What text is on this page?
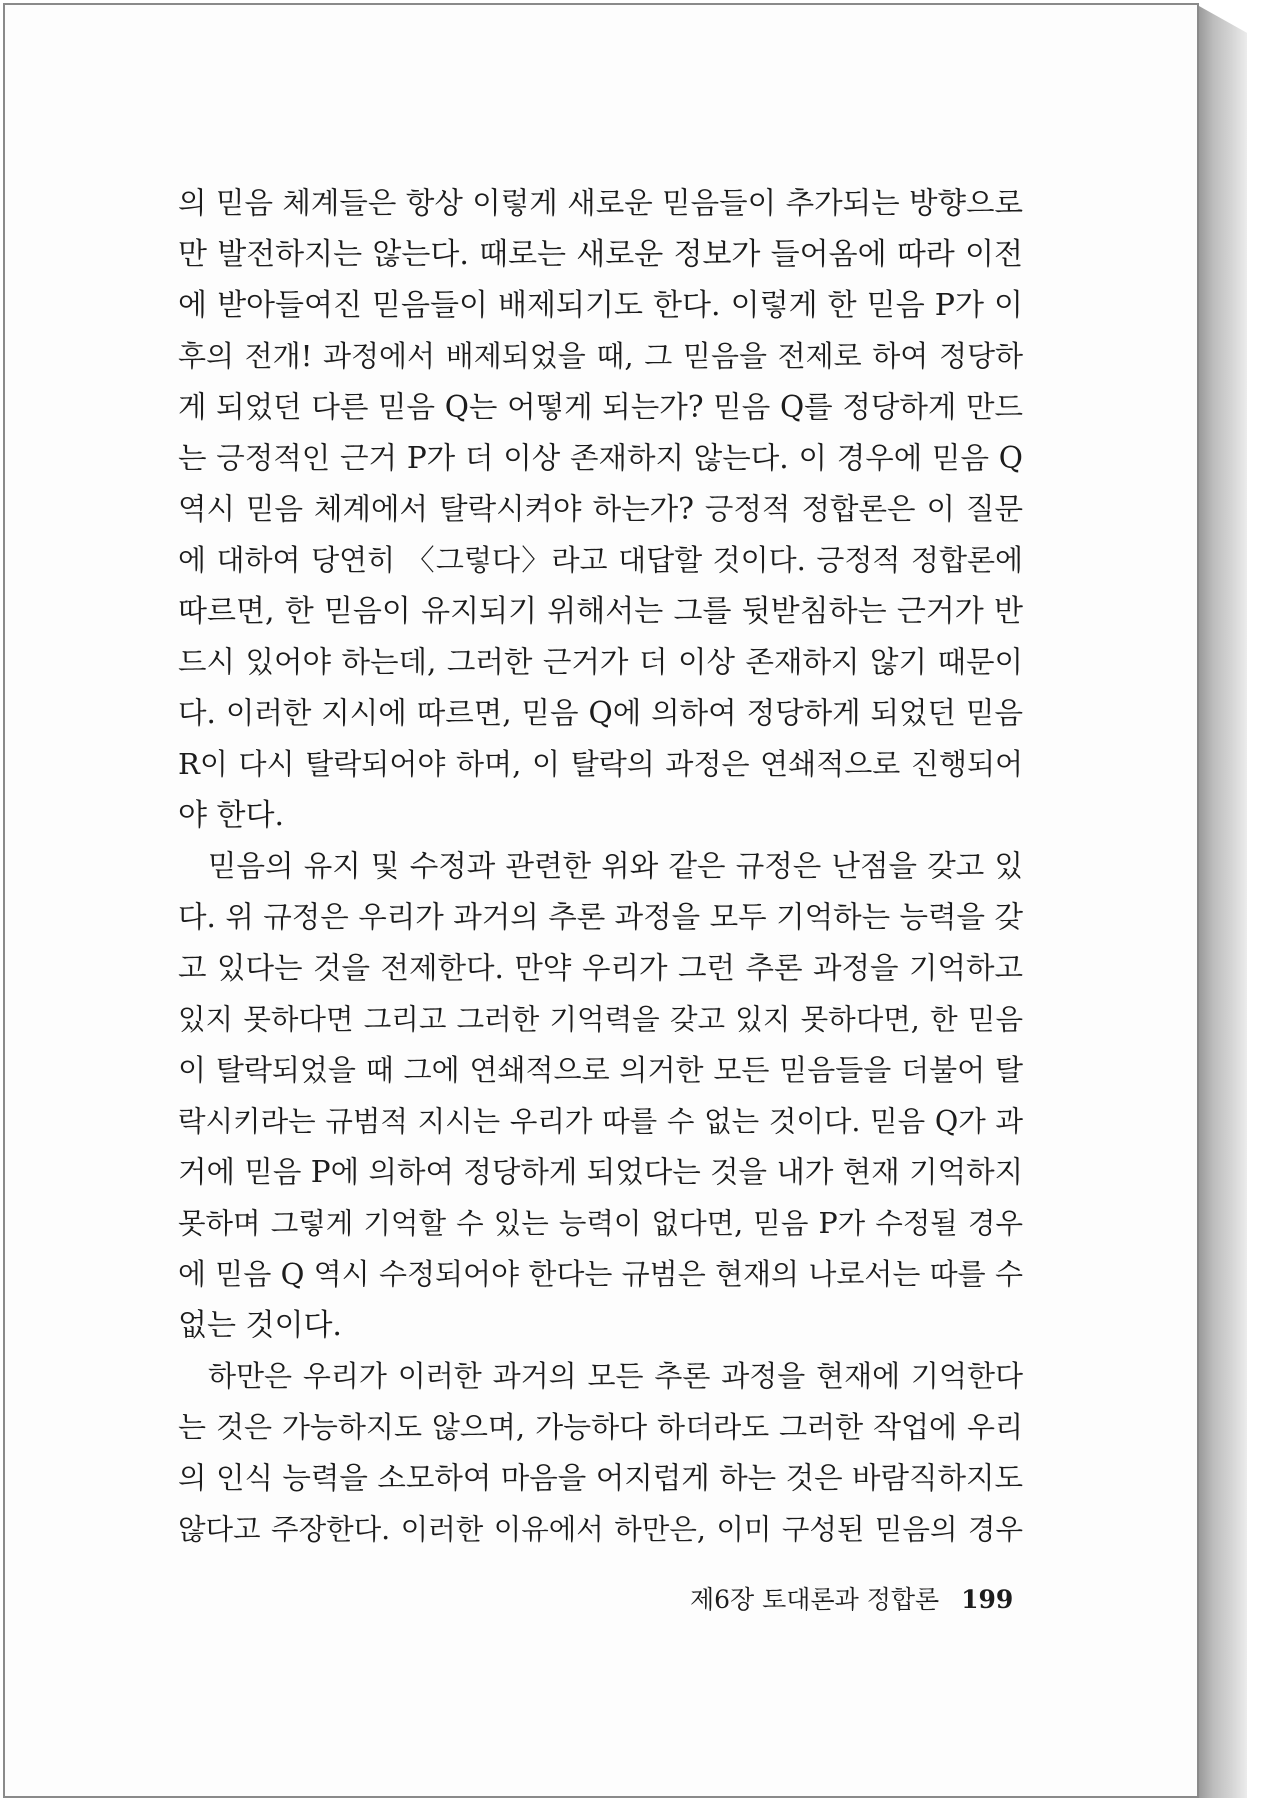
의 믿음 체계들은 항상 이렇게 새로운 믿음들이 추가되는 방향으로
만 발전하지는 않는다. 때로는 새로운 정보가 들어옴에 따라 이전
에 받아들여진 믿음들이 배제되기도 한다. 이렇게 한 믿음 P가 이
후의 전개! 과정에서 배제되었을 때, 그 믿음을 전제로 하여 정당하
게 되었던 다른 믿음 Q는 어떻게 되는가? 믿음 Q를 정당하게 만드
는 긍정적인 근거 P가 더 이상 존재하지 않는다. 이 경우에 믿음 Q
역시 믿음 체계에서 탈락시켜야 하는가? 긍정적 정합론은 이 질문
에 대하여 당연히 〈그렇다〉라고 대답할 것이다. 긍정적 정합론에
따르면, 한 믿음이 유지되기 위해서는 그를 뒷받침하는 근거가 반
드시 있어야 하는데, 그러한 근거가 더 이상 존재하지 않기 때문이
다. 이러한 지시에 따르면, 믿음 Q에 의하여 정당하게 되었던 믿음
R이 다시 탈락되어야 하며, 이 탈락의 과정은 연쇄적으로 진행되어
야 한다.
믿음의 유지 및 수정과 관련한 위와 같은 규정은 난점을 갖고 있
다. 위 규정은 우리가 과거의 추론 과정을 모두 기억하는 능력을 갖
고 있다는 것을 전제한다. 만약 우리가 그런 추론 과정을 기억하고
있지 못하다면 그리고 그러한 기억력을 갖고 있지 못하다면, 한 믿음
이 탈락되었을 때 그에 연쇄적으로 의거한 모든 믿음들을 더불어 탈
락시키라는 규범적 지시는 우리가 따를 수 없는 것이다. 믿음 Q가 과
거에 믿음 P에 의하여 정당하게 되었다는 것을 내가 현재 기억하지
못하며 그렇게 기억할 수 있는 능력이 없다면, 믿음 P가 수정될 경우
에 믿음 Q 역시 수정되어야 한다는 규범은 현재의 나로서는 따를 수
없는 것이다.
하만은 우리가 이러한 과거의 모든 추론 과정을 현재에 기억한다
는 것은 가능하지도 않으며, 가능하다 하더라도 그러한 작업에 우리
의 인식 능력을 소모하여 마음을 어지럽게 하는 것은 바람직하지도
않다고 주장한다. 이러한 이유에서 하만은, 이미 구성된 믿음의 경우
제6장 토대론과 정합론 199
